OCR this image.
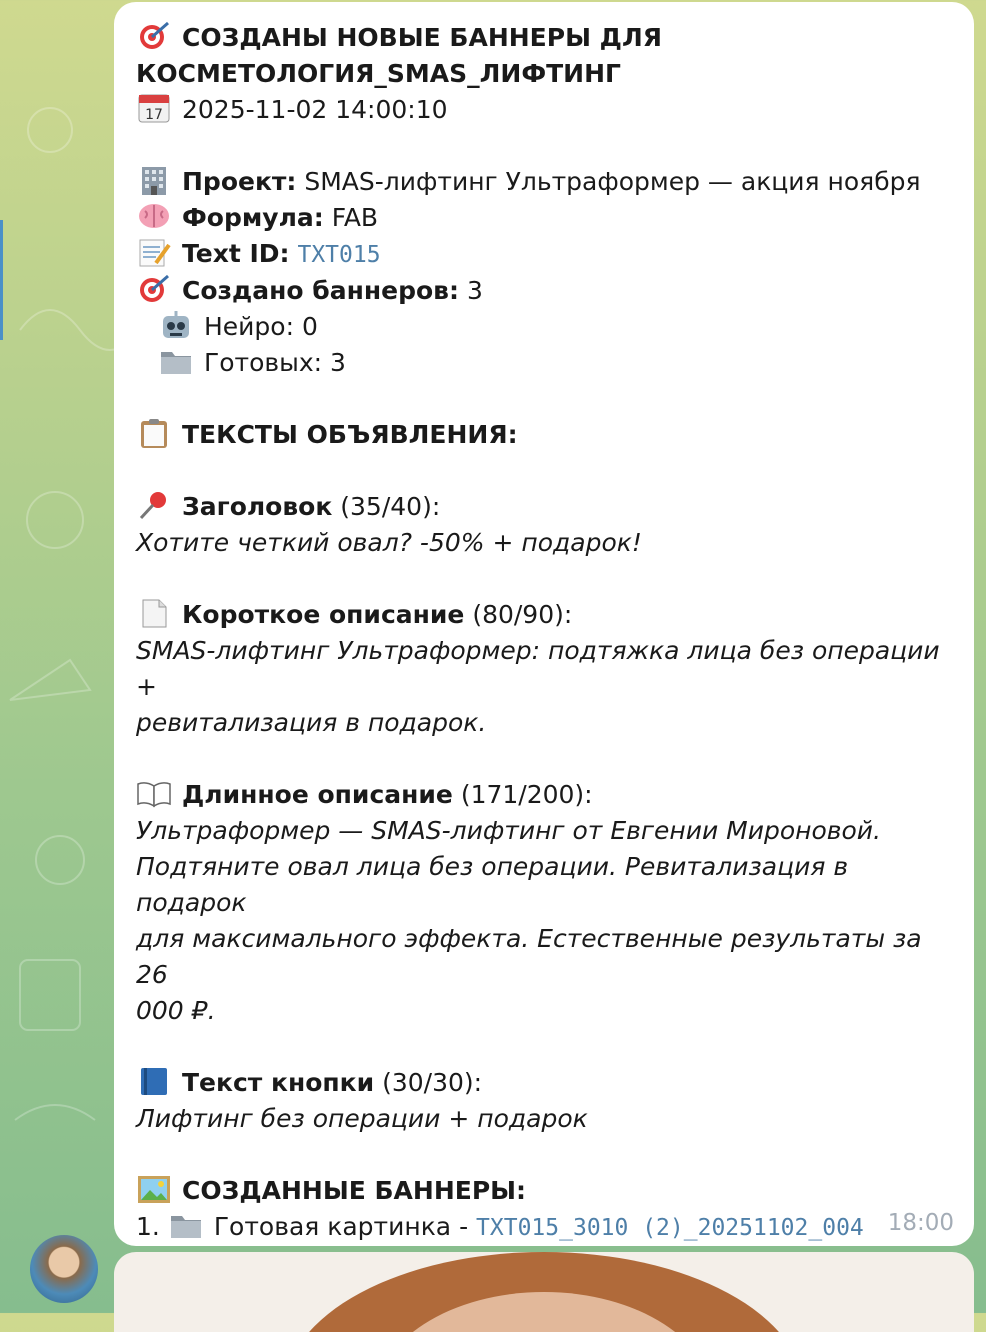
СОЗДАНЫ НОВЫЕ БАННЕРЫ ДЛЯ
КОСМЕТОЛОГИЯ_SMAS_ЛИФТИНГ
17 2025-11-02 14:00:10
Проект: SMAS-лифтинг Ультраформер — акция ноября
Формула: FAB
Text ID: TXT015
Создано баннеров: 3
Нейро: 0
Готовых: 3
ТЕКСТЫ ОБЪЯВЛЕНИЯ:
Заголовок (35/40):
Хотите четкий овал? -50% + подарок!
Короткое описание (80/90):
SMAS-лифтинг Ультраформер: подтяжка лица без операции +
ревитализация в подарок.
Длинное описание (171/200):
Ультраформер — SMAS-лифтинг от Евгении Мироновой.
Подтяните овал лица без операции. Ревитализация в подарок
для максимального эффекта. Естественные результаты за 26
000 ₽.
Текст кнопки (30/30):
Лифтинг без операции + подарок
СОЗДАННЫЕ БАННЕРЫ:
1. Готовая картинка - TXT015_3010 (2)_20251102_004	18:00
